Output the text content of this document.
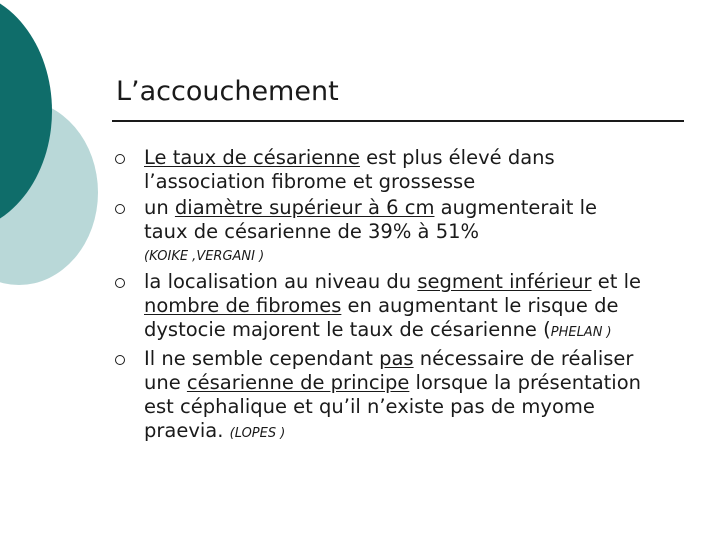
L’accouchement
Le taux de césarienne est plus élevé dans
l’association fibrome et grossesse
un diamètre supérieur à 6 cm augmenterait le
taux de césarienne de 39% à 51%
(KOIKE ,VERGANI )
la localisation au niveau du segment inférieur et le
nombre de fibromes en augmentant le risque de
dystocie majorent le taux de césarienne (PHELAN )
Il ne semble cependant pas nécessaire de réaliser
une césarienne de principe lorsque la présentation
est céphalique et qu’il n’existe pas de myome
praevia. (LOPES )
